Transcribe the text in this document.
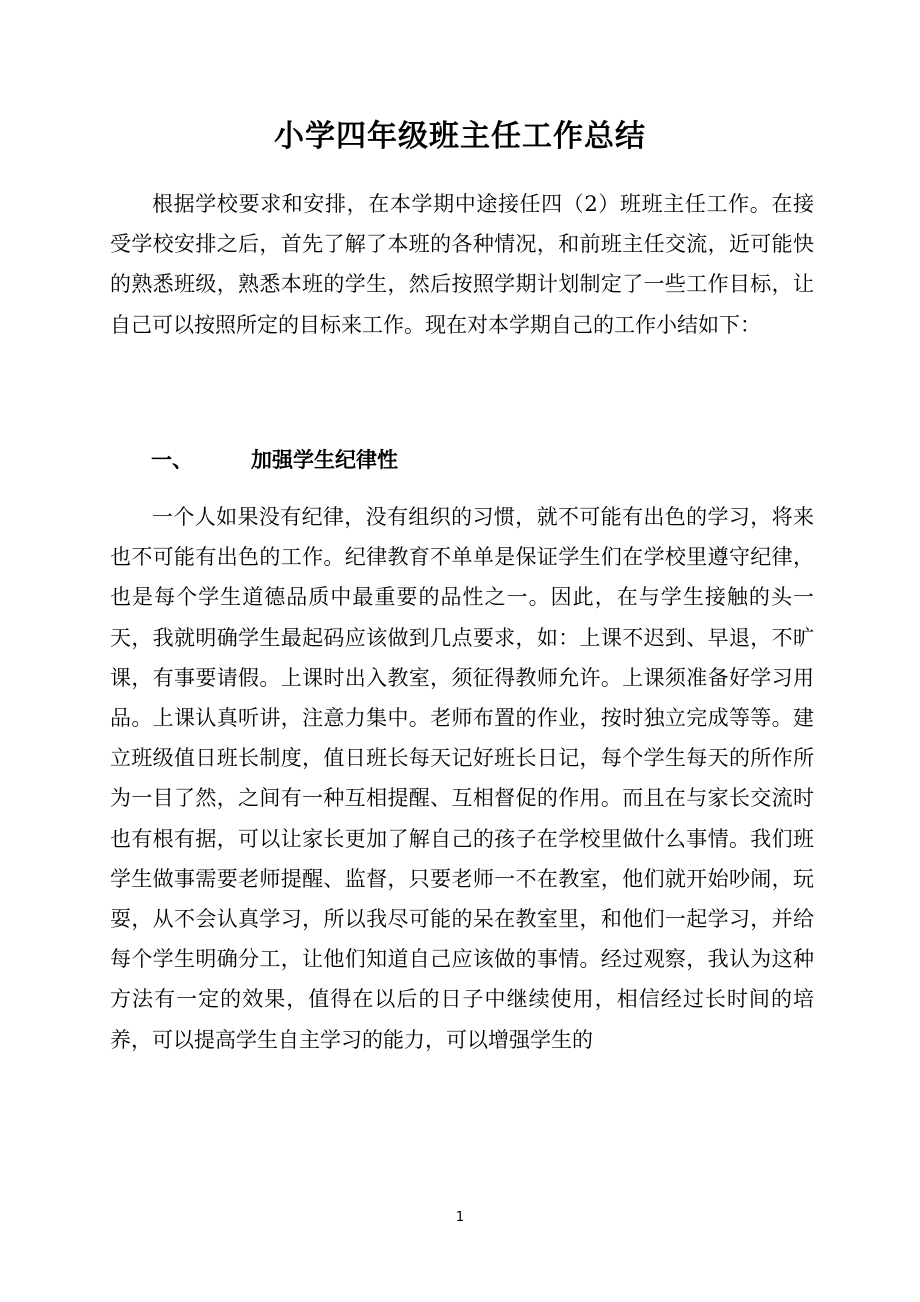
小学四年级班主任工作总结

根据学校要求和安排，在本学期中途接任四（2）班班主任工作。在接受学校安排之后，首先了解了本班的各种情况，和前班主任交流，近可能快的熟悉班级，熟悉本班的学生，然后按照学期计划制定了一些工作目标，让自己可以按照所定的目标来工作。现在对本学期自己的工作小结如下：

一、	加强学生纪律性

一个人如果没有纪律，没有组织的习惯，就不可能有出色的学习，将来也不可能有出色的工作。纪律教育不单单是保证学生们在学校里遵守纪律，也是每个学生道德品质中最重要的品性之一。因此，在与学生接触的头一天，我就明确学生最起码应该做到几点要求，如：上课不迟到、早退，不旷课，有事要请假。上课时出入教室，须征得教师允许。上课须准备好学习用品。上课认真听讲，注意力集中。老师布置的作业，按时独立完成等等。建立班级值日班长制度，值日班长每天记好班长日记，每个学生每天的所作所为一目了然，之间有一种互相提醒、互相督促的作用。而且在与家长交流时也有根有据，可以让家长更加了解自己的孩子在学校里做什么事情。我们班学生做事需要老师提醒、监督，只要老师一不在教室，他们就开始吵闹，玩耍，从不会认真学习，所以我尽可能的呆在教室里，和他们一起学习，并给每个学生明确分工，让他们知道自己应该做的事情。经过观察，我认为这种方法有一定的效果，值得在以后的日子中继续使用，相信经过长时间的培养，可以提高学生自主学习的能力，可以增强学生的

1
